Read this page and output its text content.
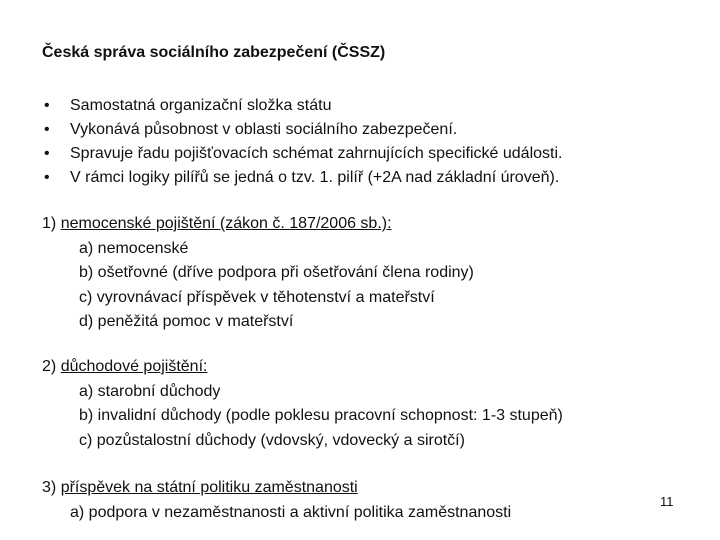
Česká správa sociálního zabezpečení (ČSSZ)
• Samostatná organizační složka státu
• Vykonává působnost v oblasti sociálního zabezpečení.
• Spravuje řadu pojišťovacích schémat zahrnujících specifické události.
• V rámci logiky pilířů se jedná o tzv. 1. pilíř (+2A nad základní úroveň).
1) nemocenské pojištění (zákon č. 187/2006 sb.):
a) nemocenské
b) ošetřovné (dříve podpora při ošetřování člena rodiny)
c) vyrovnávací příspěvek v těhotenství a mateřství
d) peněžitá pomoc v mateřství
2) důchodové pojištění:
a) starobní důchody
b) invalidní důchody (podle poklesu pracovní schopnost: 1-3 stupeň)
c) pozůstalostní důchody (vdovský, vdovecký a sirotčí)
3) příspěvek na státní politiku zaměstnanosti
a) podpora v nezaměstnanosti a aktivní politika zaměstnanosti
11
